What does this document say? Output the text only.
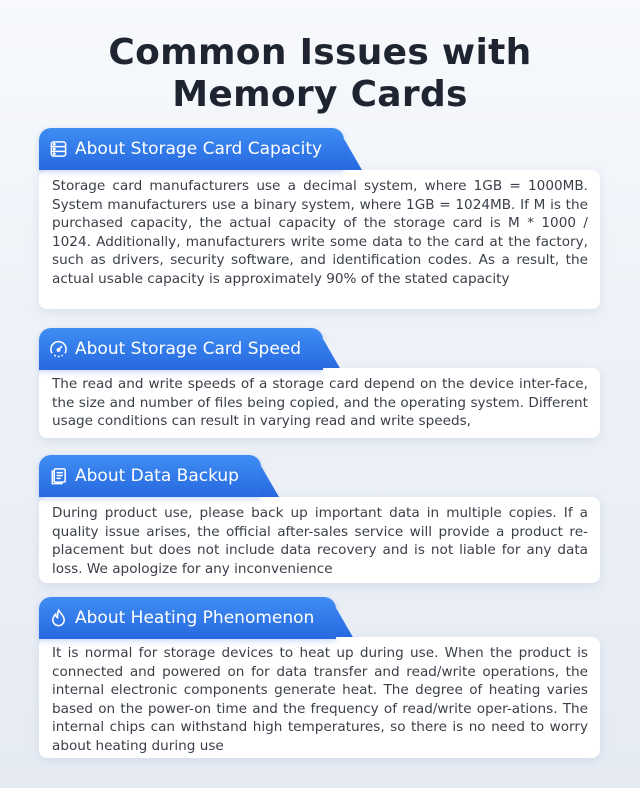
Common Issues with
Memory Cards
Storage card manufacturers use a decimal system, where 1GB = 1000MB. System manufacturers use a binary system, where 1GB = 1024MB. If M is the purchased capacity, the actual capacity of the storage card is M * 1000 / 1024. Additionally, manufacturers write some data to the card at the factory, such as drivers, security software, and identification codes. As a result, the actual usable capacity is approximately 90% of the stated capacity
About Storage Card Capacity
The read and write speeds of a storage card depend on the device inter-face, the size and number of files being copied, and the operating system. Different usage conditions can result in varying read and write speeds,
About Storage Card Speed
During product use, please back up important data in multiple copies. If a quality issue arises, the official after-sales service will provide a product re-placement but does not include data recovery and is not liable for any data loss. We apologize for any inconvenience
About Data Backup
It is normal for storage devices to heat up during use. When the product is connected and powered on for data transfer and read/write operations, the internal electronic components generate heat. The degree of heating varies based on the power-on time and the frequency of read/write oper-ations. The internal chips can withstand high temperatures, so there is no need to worry about heating during use
About Heating Phenomenon
